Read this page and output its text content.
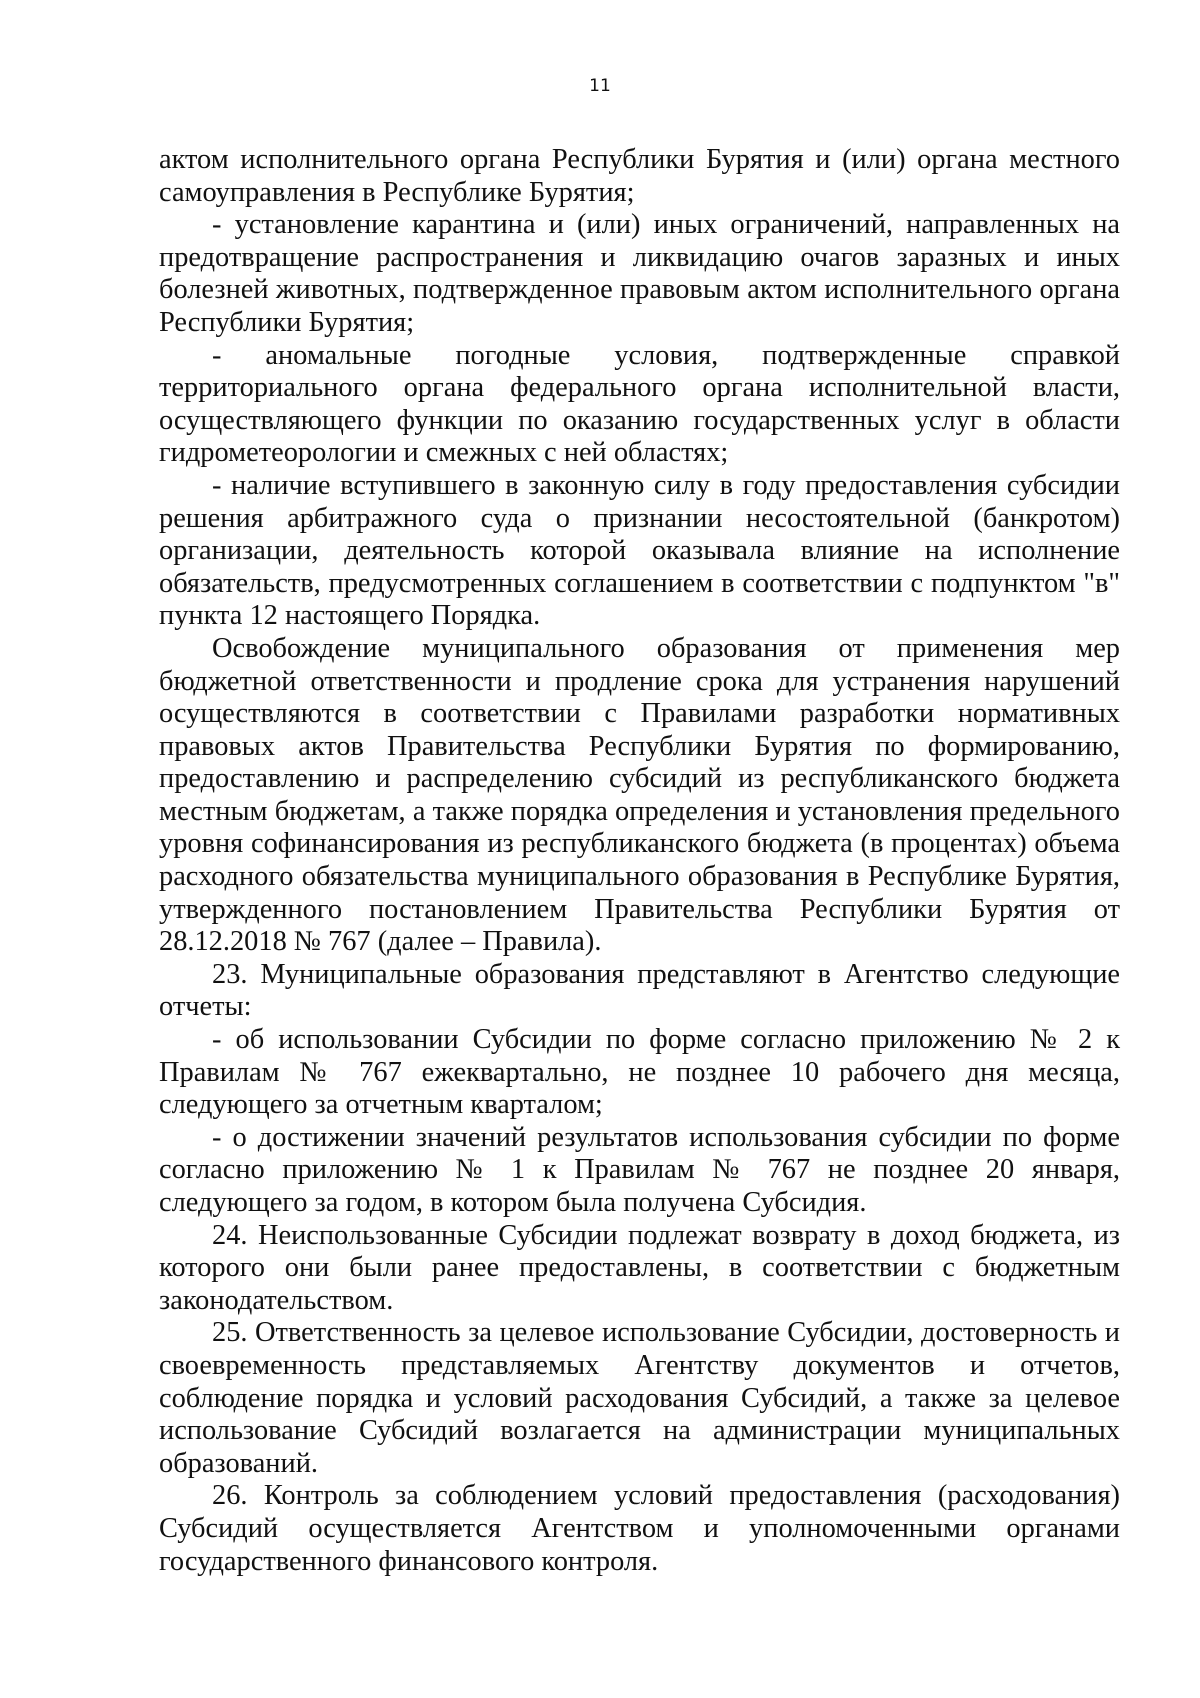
11

актом исполнительного органа Республики Бурятия и (или) органа местного самоуправления в Республике Бурятия;

- установление карантина и (или) иных ограничений, направленных на предотвращение распространения и ликвидацию очагов заразных и иных болезней животных, подтвержденное правовым актом исполнительного органа Республики Бурятия;

- аномальные погодные условия, подтвержденные справкой территориального органа федерального органа исполнительной власти, осуществляющего функции по оказанию государственных услуг в области гидрометеорологии и смежных с ней областях;

- наличие вступившего в законную силу в году предоставления субсидии решения арбитражного суда о признании несостоятельной (банкротом) организации, деятельность которой оказывала влияние на исполнение обязательств, предусмотренных соглашением в соответствии с подпунктом "в" пункта 12 настоящего Порядка.

Освобождение муниципального образования от применения мер бюджетной ответственности и продление срока для устранения нарушений осуществляются в соответствии с Правилами разработки нормативных правовых актов Правительства Республики Бурятия по формированию, предоставлению и распределению субсидий из республиканского бюджета местным бюджетам, а также порядка определения и установления предельного уровня софинансирования из республиканского бюджета (в процентах) объема расходного обязательства муниципального образования в Республике Бурятия, утвержденного постановлением Правительства Республики Бурятия от 28.12.2018 № 767 (далее – Правила).

23. Муниципальные образования представляют в Агентство следующие отчеты:

- об использовании Субсидии по форме согласно приложению № 2 к Правилам № 767 ежеквартально, не позднее 10 рабочего дня месяца, следующего за отчетным кварталом;

- о достижении значений результатов использования субсидии по форме согласно приложению № 1 к Правилам № 767 не позднее 20 января, следующего за годом, в котором была получена Субсидия.

24. Неиспользованные Субсидии подлежат возврату в доход бюджета, из которого они были ранее предоставлены, в соответствии с бюджетным законодательством.

25. Ответственность за целевое использование Субсидии, достоверность и своевременность представляемых Агентству документов и отчетов, соблюдение порядка и условий расходования Субсидий, а также за целевое использование Субсидий возлагается на администрации муниципальных образований.

26. Контроль за соблюдением условий предоставления (расходования) Субсидий осуществляется Агентством и уполномоченными органами государственного финансового контроля.
